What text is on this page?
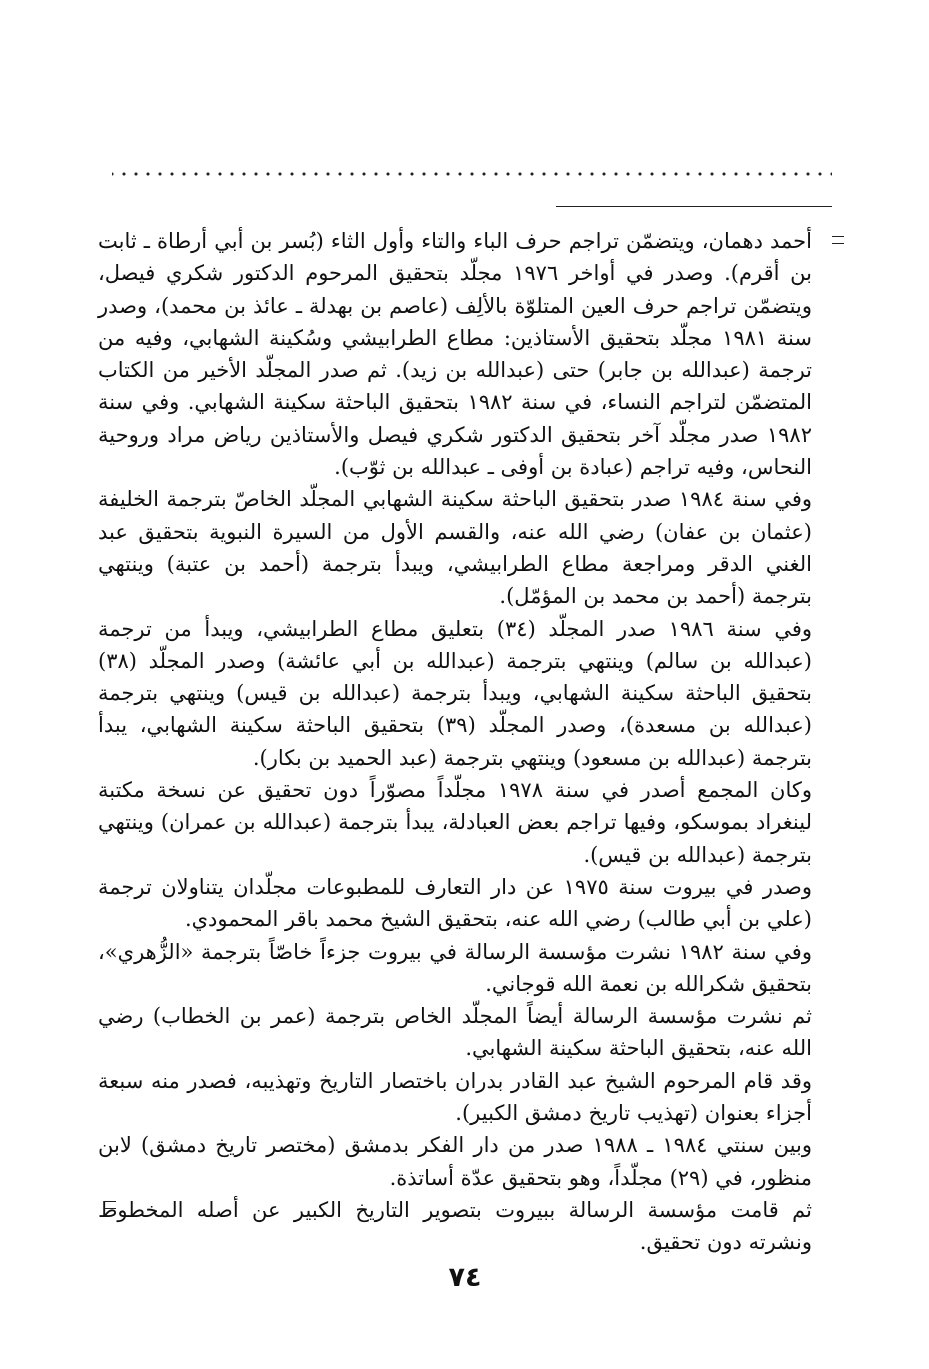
أحمد دهمان، ويتضمّن تراجم حرف الباء والتاء وأول الثاء (بُسر بن أبي أرطاة ـ ثابت بن أقرم). وصدر في أواخر ١٩٧٦ مجلّد بتحقيق المرحوم الدكتور شكري فيصل، ويتضمّن تراجم حرف العين المتلوّة بالألِف (عاصم بن بهدلة ـ عائذ بن محمد)، وصدر سنة ١٩٨١ مجلّد بتحقيق الأستاذين: مطاع الطرابيشي وسُكينة الشهابي، وفيه من ترجمة (عبدالله بن جابر) حتى (عبدالله بن زيد). ثم صدر المجلّد الأخير من الكتاب المتضمّن لتراجم النساء، في سنة ١٩٨٢ بتحقيق الباحثة سكينة الشهابي. وفي سنة ١٩٨٢ صدر مجلّد آخر بتحقيق الدكتور شكري فيصل والأستاذين رياض مراد وروحية النحاس، وفيه تراجم (عبادة بن أوفى ـ عبدالله بن ثوّب).

وفي سنة ١٩٨٤ صدر بتحقيق الباحثة سكينة الشهابي المجلّد الخاصّ بترجمة الخليفة (عثمان بن عفان) رضي الله عنه، والقسم الأول من السيرة النبوية بتحقيق عبد الغني الدقر ومراجعة مطاع الطرابيشي، ويبدأ بترجمة (أحمد بن عتبة) وينتهي بترجمة (أحمد بن محمد بن المؤمّل).

وفي سنة ١٩٨٦ صدر المجلّد (٣٤) بتعليق مطاع الطرابيشي، ويبدأ من ترجمة (عبدالله بن سالم) وينتهي بترجمة (عبدالله بن أبي عائشة) وصدر المجلّد (٣٨) بتحقيق الباحثة سكينة الشهابي، ويبدأ بترجمة (عبدالله بن قيس) وينتهي بترجمة (عبدالله بن مسعدة)، وصدر المجلّد (٣٩) بتحقيق الباحثة سكينة الشهابي، يبدأ بترجمة (عبدالله بن مسعود) وينتهي بترجمة (عبد الحميد بن بكار).

وكان المجمع أصدر في سنة ١٩٧٨ مجلّداً مصوّراً دون تحقيق عن نسخة مكتبة لينغراد بموسكو، وفيها تراجم بعض العبادلة، يبدأ بترجمة (عبدالله بن عمران) وينتهي بترجمة (عبدالله بن قيس).

وصدر في بيروت سنة ١٩٧٥ عن دار التعارف للمطبوعات مجلّدان يتناولان ترجمة (علي بن أبي طالب) رضي الله عنه، بتحقيق الشيخ محمد باقر المحمودي.

وفي سنة ١٩٨٢ نشرت مؤسسة الرسالة في بيروت جزءاً خاصّاً بترجمة «الزُّهري»، بتحقيق شكرالله بن نعمة الله قوجاني.

ثم نشرت مؤسسة الرسالة أيضاً المجلّد الخاص بترجمة (عمر بن الخطاب) رضي الله عنه، بتحقيق الباحثة سكينة الشهابي.

وقد قام المرحوم الشيخ عبد القادر بدران باختصار التاريخ وتهذيبه، فصدر منه سبعة أجزاء بعنوان (تهذيب تاريخ دمشق الكبير).

وبين سنتي ١٩٨٤ ـ ١٩٨٨ صدر من دار الفكر بدمشق (مختصر تاريخ دمشق) لابن منظور، في (٢٩) مجلّداً، وهو بتحقيق عدّة أساتذة.

ثم قامت مؤسسة الرسالة ببيروت بتصوير التاريخ الكبير عن أصله المخطوط ونشرته دون تحقيق.

٧٤
